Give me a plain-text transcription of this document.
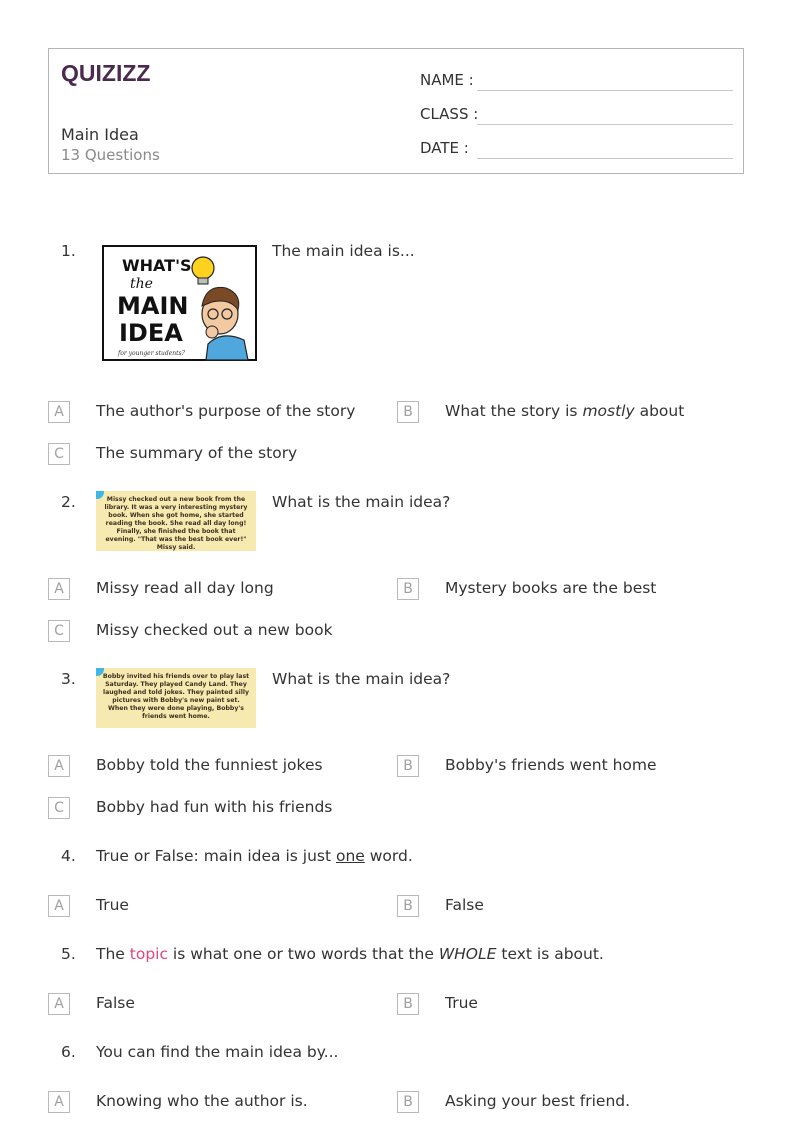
QUIZIZZ
Main Idea
13 Questions
NAME :
CLASS :
DATE :
1.
WHAT'S
the
MAIN
IDEA
for younger students?
The main idea is...
A	The author's purpose of the story	B	What the story is mostly about
C	The summary of the story
2.	Missy checked out a new book from the library. It was a very interesting mystery book. When she got home, she started reading the book. She read all day long! Finally, she finished the book that evening. "That was the best book ever!" Missy said.
What is the main idea?
A	Missy read all day long	B	Mystery books are the best
C	Missy checked out a new book
3.	Bobby invited his friends over to play last Saturday. They played Candy Land. They laughed and told jokes. They painted silly pictures with Bobby's new paint set. When they were done playing, Bobby's friends went home.
What is the main idea?
A	Bobby told the funniest jokes	B	Bobby's friends went home
C	Bobby had fun with his friends
4. True or False: main idea is just one word.
A	True	B	False
5. The topic is what one or two words that the WHOLE text is about.
A	False	B	True
6. You can find the main idea by...
A	Knowing who the author is.	B	Asking your best friend.
